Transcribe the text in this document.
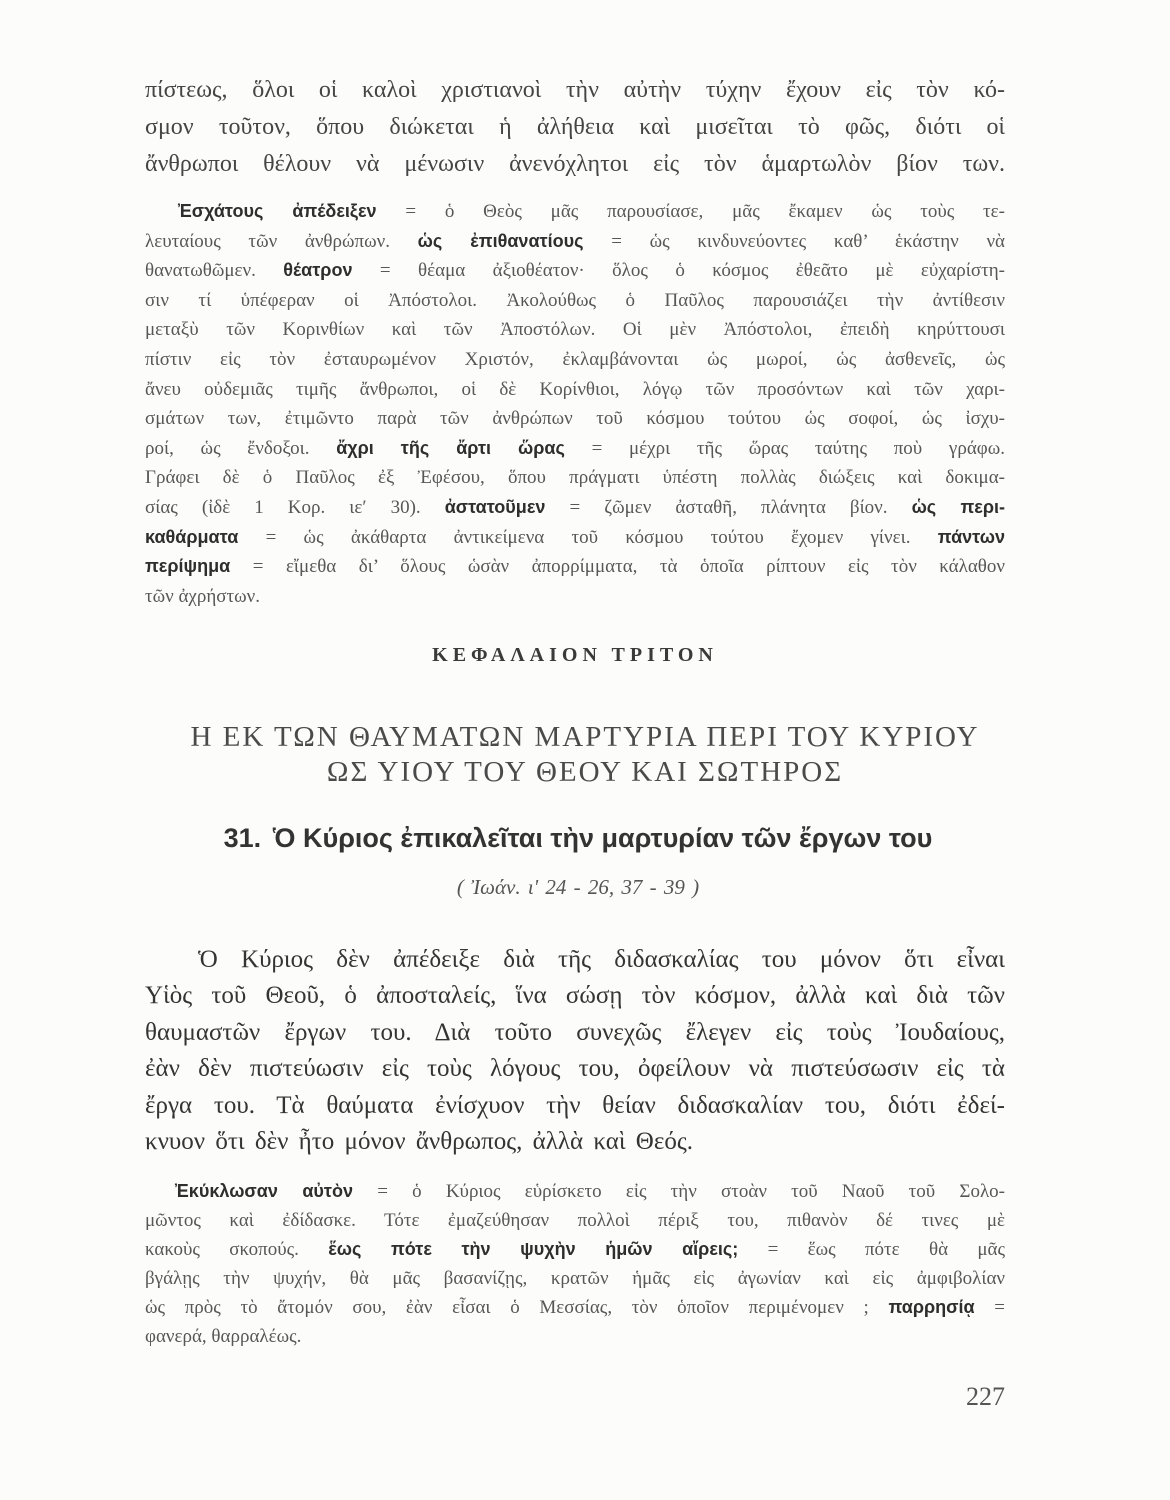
πίστεως, ὅλοι οἱ καλοὶ χριστιανοὶ τὴν αὐτὴν τύχην ἔχουν εἰς τὸν κό-
σμον τοῦτον, ὅπου διώκεται ἡ ἀλήθεια καὶ μισεῖται τὸ φῶς, διότι οἱ
ἄνθρωποι θέλουν νὰ μένωσιν ἀνενόχλητοι εἰς τὸν ἁμαρτωλὸν βίον των.
Ἐσχάτους ἀπέδειξεν = ὁ Θεὸς μᾶς παρουσίασε, μᾶς ἔκαμεν ὡς τοὺς τε-
λευταίους τῶν ἀνθρώπων. ὡς ἐπιθανατίους = ὡς κινδυνεύοντες καθ’ ἑκάστην νὰ
θανατωθῶμεν. θέατρον = θέαμα ἀξιοθέατον· ὅλος ὁ κόσμος ἐθεᾶτο μὲ εὐχαρίστη-
σιν τί ὑπέφεραν οἱ Ἀπόστολοι. Ἀκολούθως ὁ Παῦλος παρουσιάζει τὴν ἀντίθεσιν
μεταξὺ τῶν Κορινθίων καὶ τῶν Ἀποστόλων. Οἱ μὲν Ἀπόστολοι, ἐπειδὴ κηρύττουσι
πίστιν εἰς τὸν ἐσταυρωμένον Χριστόν, ἐκλαμβάνονται ὡς μωροί, ὡς ἀσθενεῖς, ὡς
ἄνευ οὐδεμιᾶς τιμῆς ἄνθρωποι, οἱ δὲ Κορίνθιοι, λόγῳ τῶν προσόντων καὶ τῶν χαρι-
σμάτων των, ἐτιμῶντο παρὰ τῶν ἀνθρώπων τοῦ κόσμου τούτου ὡς σοφοί, ὡς ἰσχυ-
ροί, ὡς ἔνδοξοι. ἄχρι τῆς ἄρτι ὥρας = μέχρι τῆς ὥρας ταύτης ποὺ γράφω.
Γράφει δὲ ὁ Παῦλος ἐξ Ἐφέσου, ὅπου πράγματι ὑπέστη πολλὰς διώξεις καὶ δοκιμα-
σίας (ἰδὲ 1 Κορ. ιεʹ 30). ἀστατοῦμεν = ζῶμεν ἀσταθῆ, πλάνητα βίον. ὡς περι-
καθάρματα = ὡς ἀκάθαρτα ἀντικείμενα τοῦ κόσμου τούτου ἔχομεν γίνει. πάντων
περίψημα = εἴμεθα δι’ ὅλους ὡσὰν ἀπορρίμματα, τὰ ὁποῖα ρίπτουν εἰς τὸν κάλαθον
τῶν ἀχρήστων.
ΚΕΦΑΛΑΙΟΝ ΤΡΙΤΟΝ
Η ΕΚ ΤΩΝ ΘΑΥΜΑΤΩΝ ΜΑΡΤΥΡΙΑ ΠΕΡΙ ΤΟΥ ΚΥΡΙΟΥ
ΩΣ ΥΙΟΥ ΤΟΥ ΘΕΟΥ ΚΑΙ ΣΩΤΗΡΟΣ
31. Ὁ Κύριος ἐπικαλεῖται τὴν μαρτυρίαν τῶν ἔργων του
( Ἰωάν. ιʹ 24 - 26, 37 - 39 )
Ὁ Κύριος δὲν ἀπέδειξε διὰ τῆς διδασκαλίας του μόνον ὅτι εἶναι
Υἱὸς τοῦ Θεοῦ, ὁ ἀποσταλείς, ἵνα σώσῃ τὸν κόσμον, ἀλλὰ καὶ διὰ τῶν
θαυμαστῶν ἔργων του. Διὰ τοῦτο συνεχῶς ἔλεγεν εἰς τοὺς Ἰουδαίους,
ἐὰν δὲν πιστεύωσιν εἰς τοὺς λόγους του, ὀφείλουν νὰ πιστεύσωσιν εἰς τὰ
ἔργα του. Τὰ θαύματα ἐνίσχυον τὴν θείαν διδασκαλίαν του, διότι ἐδεί-
κνυον ὅτι δὲν ἦτο μόνον ἄνθρωπος, ἀλλὰ καὶ Θεός.
Ἐκύκλωσαν αὐτὸν = ὁ Κύριος εὑρίσκετο εἰς τὴν στοὰν τοῦ Ναοῦ τοῦ Σολο-
μῶντος καὶ ἐδίδασκε. Τότε ἐμαζεύθησαν πολλοὶ πέριξ του, πιθανὸν δέ τινες μὲ
κακοὺς σκοπούς. ἕως πότε τὴν ψυχὴν ἡμῶν αἴρεις; = ἕως πότε θὰ μᾶς
βγάλῃς τὴν ψυχήν, θὰ μᾶς βασανίζῃς, κρατῶν ἡμᾶς εἰς ἀγωνίαν καὶ εἰς ἀμφιβολίαν
ὡς πρὸς τὸ ἄτομόν σου, ἐὰν εἶσαι ὁ Μεσσίας, τὸν ὁποῖον περιμένομεν ; παρρησίᾳ =
φανερά, θαρραλέως.
227
